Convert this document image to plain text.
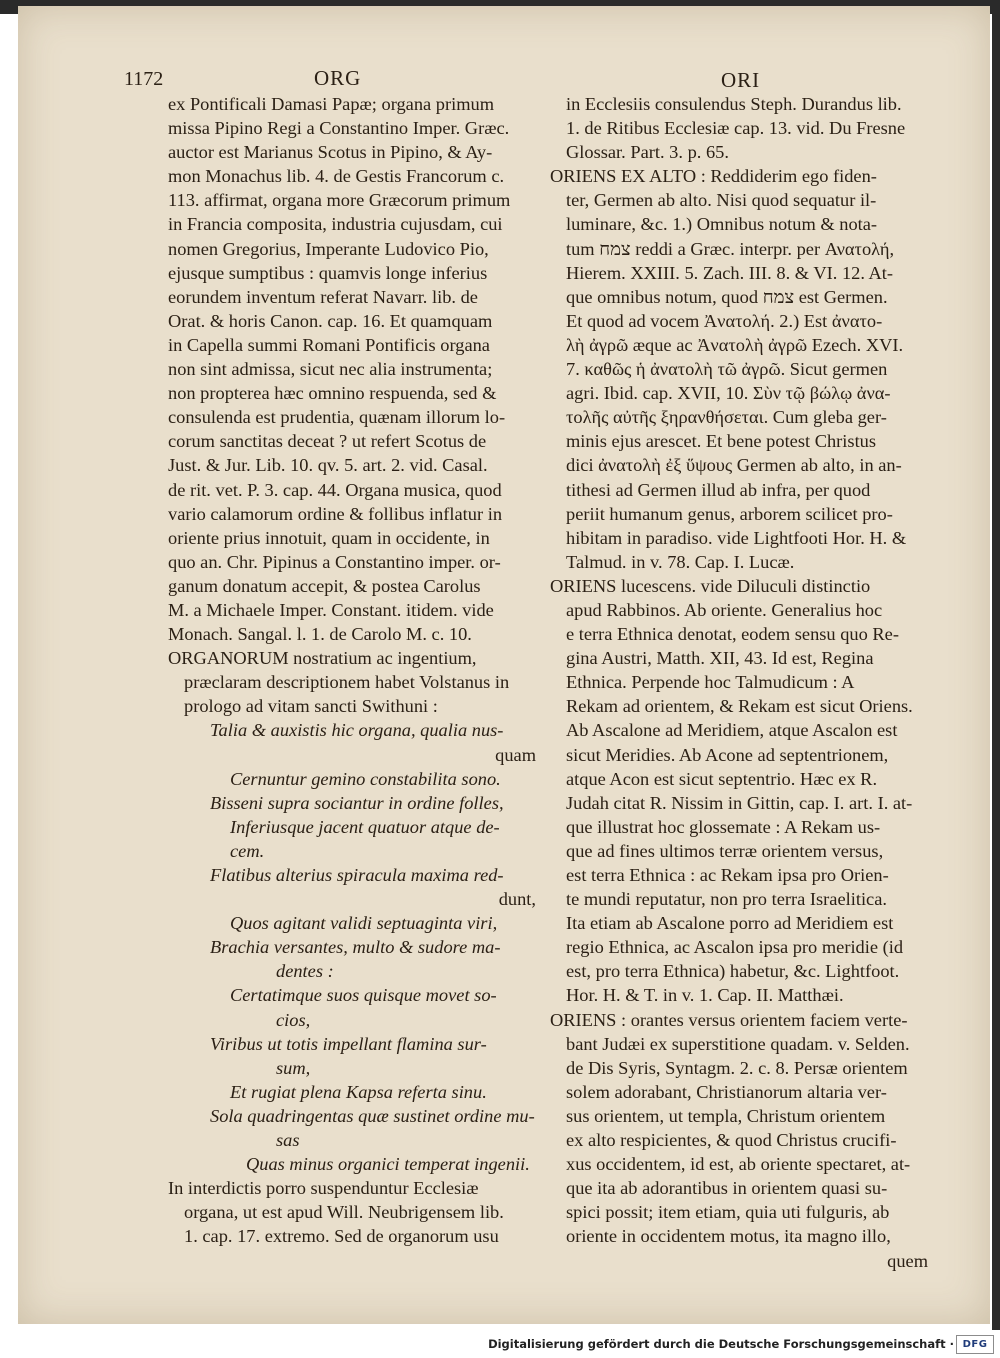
1172	ORG	ORI
ex Pontificali Damasi Papæ; organa primum
missa Pipino Regi a Constantino Imper. Græc.
auctor est Marianus Scotus in Pipino, & Ay-
mon Monachus lib. 4. de Gestis Francorum c.
113. affirmat, organa more Græcorum primum
in Francia composita, industria cujusdam, cui
nomen Gregorius, Imperante Ludovico Pio,
ejusque sumptibus : quamvis longe inferius
eorundem inventum referat Navarr. lib. de
Orat. & horis Canon. cap. 16. Et quamquam
in Capella summi Romani Pontificis organa
non sint admissa, sicut nec alia instrumenta;
non propterea hæc omnino respuenda, sed &
consulenda est prudentia, quænam illorum lo-
corum sanctitas deceat ? ut refert Scotus de
Just. & Jur. Lib. 10. qv. 5. art. 2. vid. Casal.
de rit. vet. P. 3. cap. 44. Organa musica, quod
vario calamorum ordine & follibus inflatur in
oriente prius innotuit, quam in occidente, in
quo an. Chr. Pipinus a Constantino imper. or-
ganum donatum accepit, & postea Carolus
M. a Michaele Imper. Constant. itidem. vide
Monach. Sangal. l. 1. de Carolo M. c. 10.
ORGANORUM nostratium ac ingentium,
præclaram descriptionem habet Volstanus in
prologo ad vitam sancti Swithuni :
Talia & auxistis hic organa, qualia nus-
quam
Cernuntur gemino constabilita sono.
Bisseni supra sociantur in ordine folles,
Inferiusque jacent quatuor atque de-
cem.
Flatibus alterius spiracula maxima red-
dunt,
Quos agitant validi septuaginta viri,
Brachia versantes, multo & sudore ma-
dentes :
Certatimque suos quisque movet so-
cios,
Viribus ut totis impellant flamina sur-
sum,
Et rugiat plena Kapsa referta sinu.
Sola quadringentas quæ sustinet ordine mu-
sas
Quas minus organici temperat ingenii.
In interdictis porro suspenduntur Ecclesiæ
organa, ut est apud Will. Neubrigensem lib.
1. cap. 17. extremo. Sed de organorum usu
in Ecclesiis consulendus Steph. Durandus lib.
1. de Ritibus Ecclesiæ cap. 13. vid. Du Fresne
Glossar. Part. 3. p. 65.
ORIENS EX ALTO : Reddiderim ego fiden-
ter, Germen ab alto. Nisi quod sequatur il-
luminare, &c. 1.) Omnibus notum & nota-
tum צמח reddi a Græc. interpr. per Ανατολή,
Hierem. XXIII. 5. Zach. III. 8. & VI. 12. At-
que omnibus notum, quod צמח est Germen.
Et quod ad vocem Ἀνατολή. 2.) Est ἀνατο-
λὴ ἀγρῶ æque ac Ἀνατολὴ ἀγρῶ Ezech. XVI.
7. καθῶς ἡ ἀνατολὴ τῶ ἀγρῶ. Sicut germen
agri. Ibid. cap. XVII, 10. Σὺν τῷ βώλῳ ἀνα-
τολῆς αὐτῆς ξηρανθήσεται. Cum gleba ger-
minis ejus arescet. Et bene potest Christus
dici ἀνατολὴ ἐξ ὕψους Germen ab alto, in an-
tithesi ad Germen illud ab infra, per quod
periit humanum genus, arborem scilicet pro-
hibitam in paradiso. vide Lightfooti Hor. H. &
Talmud. in v. 78. Cap. I. Lucæ.
ORIENS lucescens. vide Diluculi distinctio
apud Rabbinos. Ab oriente. Generalius hoc
e terra Ethnica denotat, eodem sensu quo Re-
gina Austri, Matth. XII, 43. Id est, Regina
Ethnica. Perpende hoc Talmudicum : A
Rekam ad orientem, & Rekam est sicut Oriens.
Ab Ascalone ad Meridiem, atque Ascalon est
sicut Meridies. Ab Acone ad septentrionem,
atque Acon est sicut septentrio. Hæc ex R.
Judah citat R. Nissim in Gittin, cap. I. art. I. at-
que illustrat hoc glossemate : A Rekam us-
que ad fines ultimos terræ orientem versus,
est terra Ethnica : ac Rekam ipsa pro Orien-
te mundi reputatur, non pro terra Israelitica.
Ita etiam ab Ascalone porro ad Meridiem est
regio Ethnica, ac Ascalon ipsa pro meridie (id
est, pro terra Ethnica) habetur, &c. Lightfoot.
Hor. H. & T. in v. 1. Cap. II. Matthæi.
ORIENS : orantes versus orientem faciem verte-
bant Judæi ex superstitione quadam. v. Selden.
de Dis Syris, Syntagm. 2. c. 8. Persæ orientem
solem adorabant, Christianorum altaria ver-
sus orientem, ut templa, Christum orientem
ex alto respicientes, & quod Christus crucifi-
xus occidentem, id est, ab oriente spectaret, at-
que ita ab adorantibus in orientem quasi su-
spici possit; item etiam, quia uti fulguris, ab
oriente in occidentem motus, ita magno illo,
quem
Digitalisierung gefördert durch die Deutsche Forschungsgemeinschaft · DFG
